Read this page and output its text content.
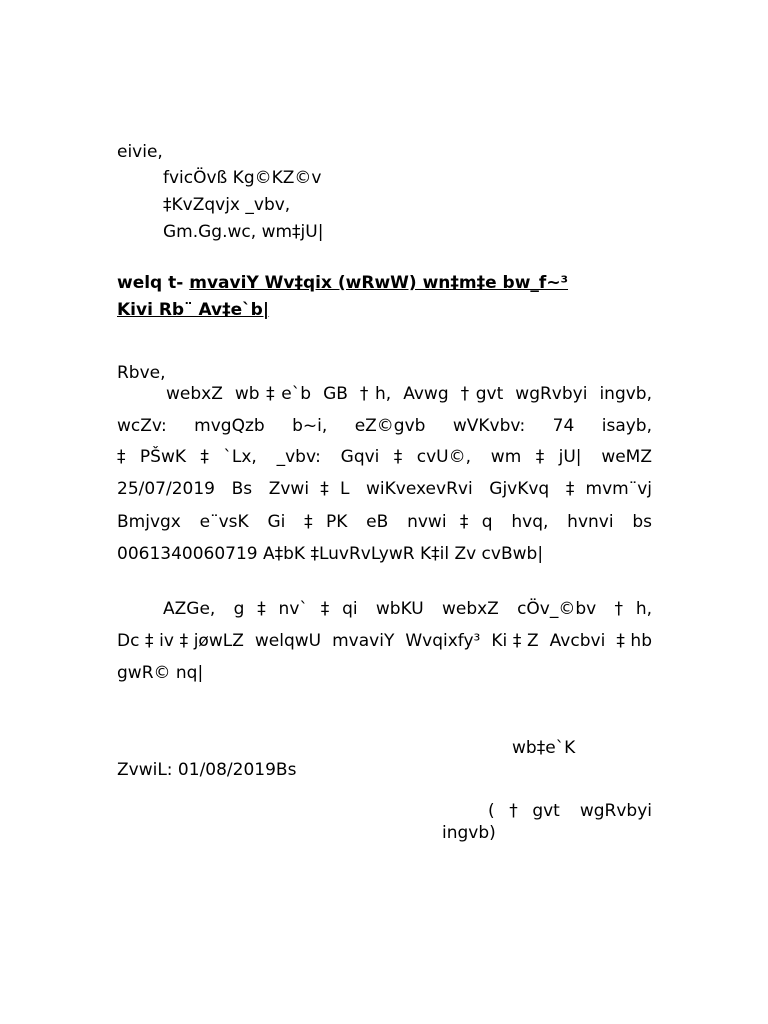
eivie,
fvicÖvß Kg©KZ©v
‡KvZqvjx _vbv,
Gm.Gg.wc, wm‡jU|
welq t- mvaviY Wv‡qix (wRwW) wn‡m‡e bw_f~³
Kivi Rb¨ Av‡e`b|
Rbve,
webxZ wb‡e`b GB †h, Avwg †gvt wgRvbyi ingvb,
wcZv: mvgQzb b~i, eZ©gvb wVKvbv: 74 isayb,
‡PŠwK‡`Lx, _vbv: Gqvi‡cvU©, wm‡jU| weMZ
25/07/2019 Bs Zvwi‡L wiKvexevRvi GjvKvq ‡mvm¨vj
Bmjvgx e¨vsK Gi ‡PK eB nvwi‡q hvq, hvnvi bs
0061340060719 A‡bK ‡LuvRvLywR K‡il Zv cvBwb|
AZGe, g‡nv`‡qi wbKU webxZ cÖv_©bv †h,
Dc‡iv‡jøwLZ welqwU mvaviY Wvqixfy³ Ki‡Z Avcbvi ‡hb
gwR© nq|
wb‡e`K
ZvwiL: 01/08/2019Bs
(†gvt wgRvbyi
ingvb)
